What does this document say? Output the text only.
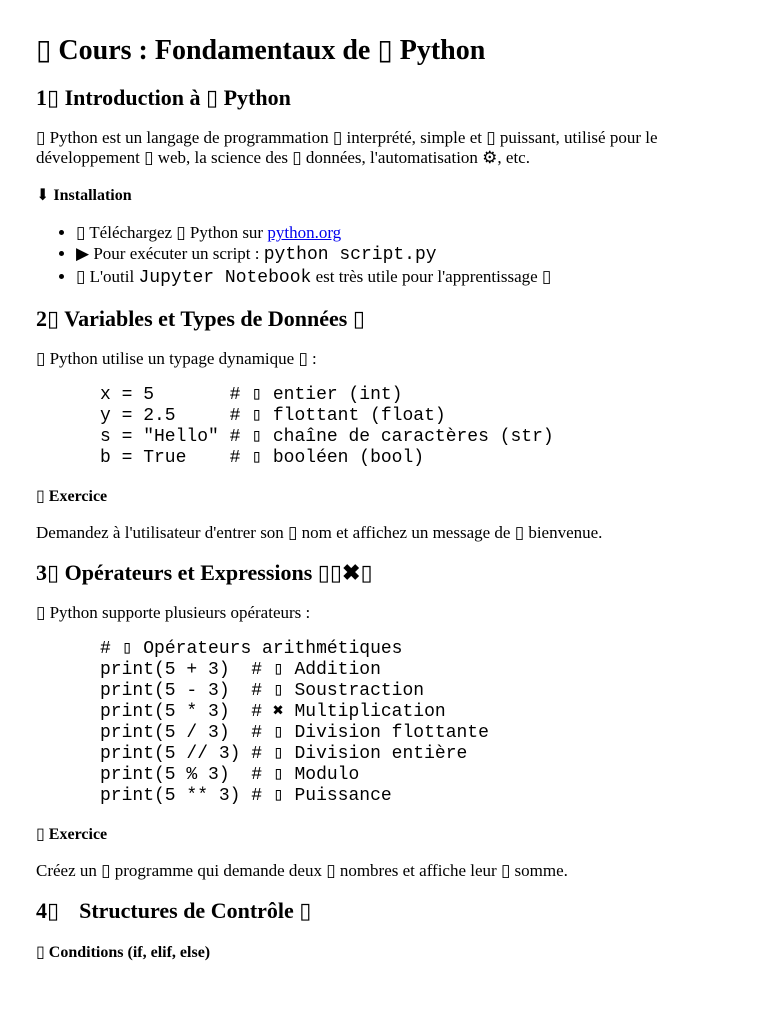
▯ Cours : Fondamentaux de ▯ Python
1▯ Introduction à ▯ Python

▯ Python est un langage de programmation ▯ interprété, simple et ▯ puissant, utilisé pour le développement ▯ web, la science des ▯ données, l'automatisation ⚙, etc.

⬇ Installation
• ▯ Téléchargez ▯ Python sur python.org
• ▶ Pour exécuter un script : python script.py
• ▯ L'outil Jupyter Notebook est très utile pour l'apprentissage ▯
2▯ Variables et Types de Données ▯

▯ Python utilise un typage dynamique ▯ :

x = 5       # ▯ entier (int)
y = 2.5     # ▯ flottant (float)
s = "Hello" # ▯ chaîne de caractères (str)
b = True    # ▯ booléen (bool)
▯ Exercice

Demandez à l'utilisateur d'entrer son ▯ nom et affichez un message de ▯ bienvenue.

3▯ Opérateurs et Expressions ▯▯✖▯

▯ Python supporte plusieurs opérateurs :

# ▯ Opérateurs arithmétiques
print(5 + 3)  # ▯ Addition
print(5 - 3)  # ▯ Soustraction
print(5 * 3)  # ✖ Multiplication
print(5 / 3)  # ▯ Division flottante
print(5 // 3) # ▯ Division entière
print(5 % 3)  # ▯ Modulo
print(5 ** 3) # ▯ Puissance
▯ Exercice

Créez un ▯ programme qui demande deux ▯ nombres et affiche leur ▯ somme.

4▯ Structures de Contrôle ▯
▯ Conditions (if, elif, else)
